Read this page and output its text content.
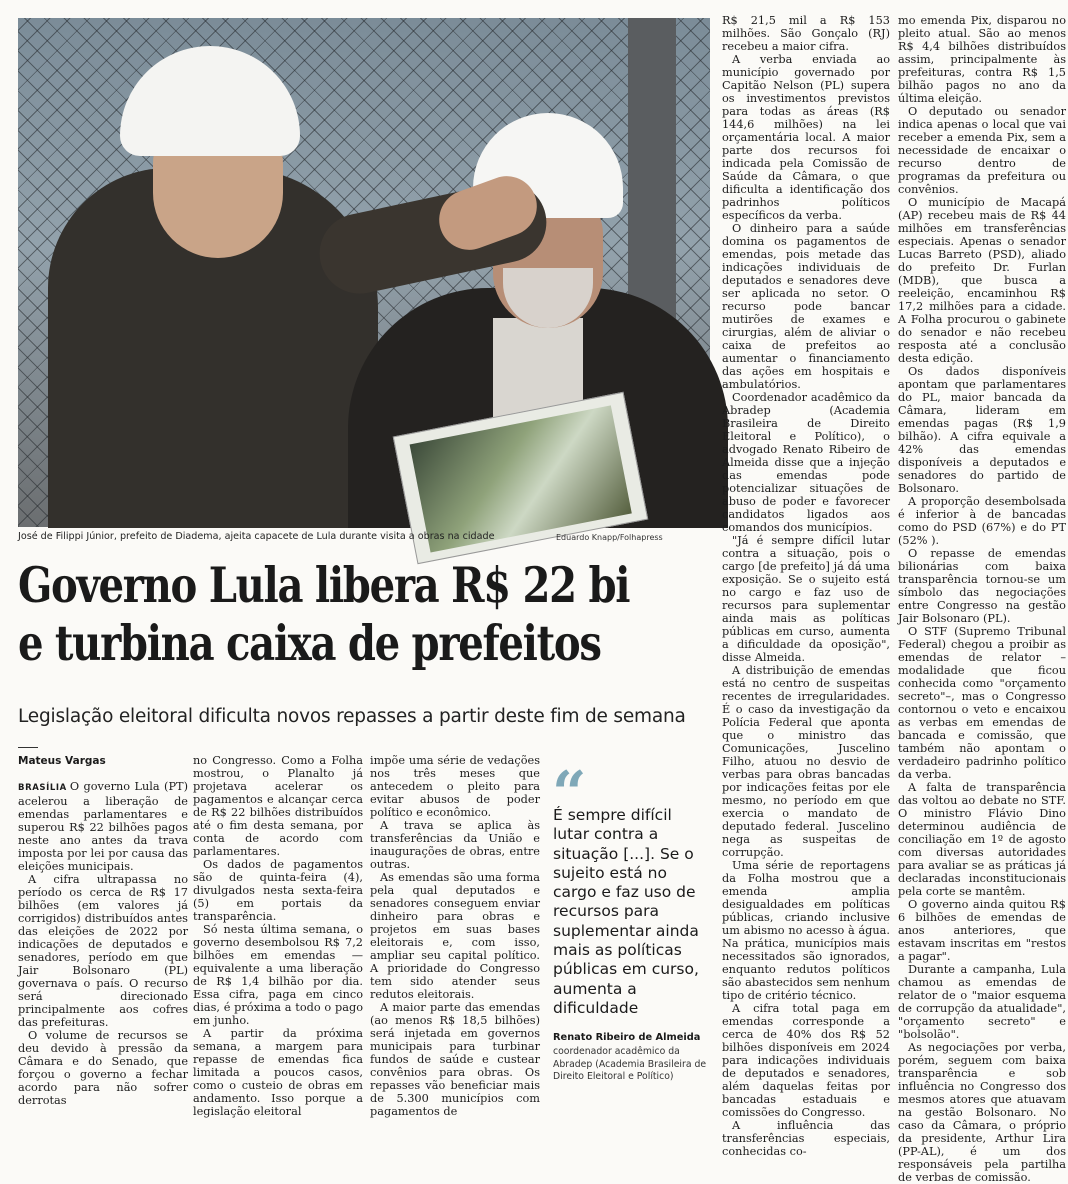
José de Filippi Júnior, prefeito de Diadema, ajeita capacete de Lula durante visita a obras na cidade	Eduardo Knapp/Folhapress
Governo Lula libera R$ 22 bi
e turbina caixa de prefeitos
Legislação eleitoral dificulta novos repasses a partir deste fim de semana
Mateus Vargas

BRASÍLIA O governo Lula (PT) acelerou a liberação de emendas parlamentares e superou R$ 22 bilhões pagos neste ano antes da trava imposta por lei por causa das eleições municipais.

A cifra ultrapassa no período os cerca de R$ 17 bilhões (em valores já corrigidos) distribuídos antes das eleições de 2022 por indicações de deputados e senadores, período em que Jair Bolsonaro (PL) governava o país. O recurso será direcionado principalmente aos cofres das prefeituras.

O volume de recursos se deu devido à pressão da Câmara e do Senado, que forçou o governo a fechar acordo para não sofrer derrotas

no Congresso. Como a Folha mostrou, o Planalto já projetava acelerar os pagamentos e alcançar cerca de R$ 22 bilhões distribuídos até o fim desta semana, por conta de acordo com parlamentares.

Os dados de pagamentos são de quinta-feira (4), divulgados nesta sexta-feira (5) em portais da transparência.

Só nesta última semana, o governo desembolsou R$ 7,2 bilhões em emendas —equivalente a uma liberação de R$ 1,4 bilhão por dia. Essa cifra, paga em cinco dias, é próxima a todo o pago em junho.

A partir da próxima semana, a margem para repasse de emendas fica limitada a poucos casos, como o custeio de obras em andamento. Isso porque a legislação eleitoral

impõe uma série de vedações nos três meses que antecedem o pleito para evitar abusos de poder político e econômico.

A trava se aplica às transferências da União e inaugurações de obras, entre outras.

As emendas são uma forma pela qual deputados e senadores conseguem enviar dinheiro para obras e projetos em suas bases eleitorais e, com isso, ampliar seu capital político. A prioridade do Congresso tem sido atender seus redutos eleitorais.

A maior parte das emendas (ao menos R$ 18,5 bilhões) será injetada em governos municipais para turbinar fundos de saúde e custear convênios para obras. Os repasses vão beneficiar mais de 5.300 municípios com pagamentos de

“
É sempre difícil lutar contra a situação [...]. Se o sujeito está no cargo e faz uso de recursos para suplementar ainda mais as políticas públicas em curso, aumenta a dificuldade
Renato Ribeiro de Almeida
coordenador acadêmico da Abradep (Academia Brasileira de Direito Eleitoral e Político)

R$ 21,5 mil a R$ 153 milhões. São Gonçalo (RJ) recebeu a maior cifra.

A verba enviada ao município governado por Capitão Nelson (PL) supera os investimentos previstos para todas as áreas (R$ 144,6 milhões) na lei orçamentária local. A maior parte dos recursos foi indicada pela Comissão de Saúde da Câmara, o que dificulta a identificação dos padrinhos políticos específicos da verba.

O dinheiro para a saúde domina os pagamentos de emendas, pois metade das indicações individuais de deputados e senadores deve ser aplicada no setor. O recurso pode bancar mutirões de exames e cirurgias, além de aliviar o caixa de prefeitos ao aumentar o financiamento das ações em hospitais e ambulatórios.

Coordenador acadêmico da Abradep (Academia Brasileira de Direito Eleitoral e Político), o advogado Renato Ribeiro de Almeida disse que a injeção das emendas pode potencializar situações de abuso de poder e favorecer candidatos ligados aos comandos dos municípios.

"Já é sempre difícil lutar contra a situação, pois o cargo [de prefeito] já dá uma exposição. Se o sujeito está no cargo e faz uso de recursos para suplementar ainda mais as políticas públicas em curso, aumenta a dificuldade da oposição", disse Almeida.

A distribuição de emendas está no centro de suspeitas recentes de irregularidades. É o caso da investigação da Polícia Federal que aponta que o ministro das Comunicações, Juscelino Filho, atuou no desvio de verbas para obras bancadas por indicações feitas por ele mesmo, no período em que exercia o mandato de deputado federal. Juscelino nega as suspeitas de corrupção.

Uma série de reportagens da Folha mostrou que a emenda amplia desigualdades em políticas públicas, criando inclusive um abismo no acesso à água. Na prática, municípios mais necessitados são ignorados, enquanto redutos políticos são abastecidos sem nenhum tipo de critério técnico.

A cifra total paga em emendas corresponde a cerca de 40% dos R$ 52 bilhões disponíveis em 2024 para indicações individuais de deputados e senadores, além daquelas feitas por bancadas estaduais e comissões do Congresso.

A influência das transferências especiais, conhecidas co-

mo emenda Pix, disparou no pleito atual. São ao menos R$ 4,4 bilhões distribuídos assim, principalmente às prefeituras, contra R$ 1,5 bilhão pagos no ano da última eleição.

O deputado ou senador indica apenas o local que vai receber a emenda Pix, sem a necessidade de encaixar o recurso dentro de programas da prefeitura ou convênios.

O município de Macapá (AP) recebeu mais de R$ 44 milhões em transferências especiais. Apenas o senador Lucas Barreto (PSD), aliado do prefeito Dr. Furlan (MDB), que busca a reeleição, encaminhou R$ 17,2 milhões para a cidade. A Folha procurou o gabinete do senador e não recebeu resposta até a conclusão desta edição.

Os dados disponíveis apontam que parlamentares do PL, maior bancada da Câmara, lideram em emendas pagas (R$ 1,9 bilhão). A cifra equivale a 42% das emendas disponíveis a deputados e senadores do partido de Bolsonaro.

A proporção desembolsada é inferior à de bancadas como do PSD (67%) e do PT (52% ).

O repasse de emendas bilionárias com baixa transparência tornou-se um símbolo das negociações entre Congresso na gestão Jair Bolsonaro (PL).

O STF (Supremo Tribunal Federal) chegou a proibir as emendas de relator –modalidade que ficou conhecida como "orçamento secreto"–, mas o Congresso contornou o veto e encaixou as verbas em emendas de bancada e comissão, que também não apontam o verdadeiro padrinho político da verba.

A falta de transparência das voltou ao debate no STF. O ministro Flávio Dino determinou audiência de conciliação em 1º de agosto com diversas autoridades para avaliar se as práticas já declaradas inconstitucionais pela corte se mantêm.

O governo ainda quitou R$ 6 bilhões de emendas de anos anteriores, que estavam inscritas em "restos a pagar".

Durante a campanha, Lula chamou as emendas de relator de o "maior esquema de corrupção da atualidade", "orçamento secreto" e "bolsolão".

As negociações por verba, porém, seguem com baixa transparência e sob influência no Congresso dos mesmos atores que atuavam na gestão Bolsonaro. No caso da Câmara, o próprio da presidente, Arthur Lira (PP-AL), é um dos responsáveis pela partilha de verbas de comissão.
